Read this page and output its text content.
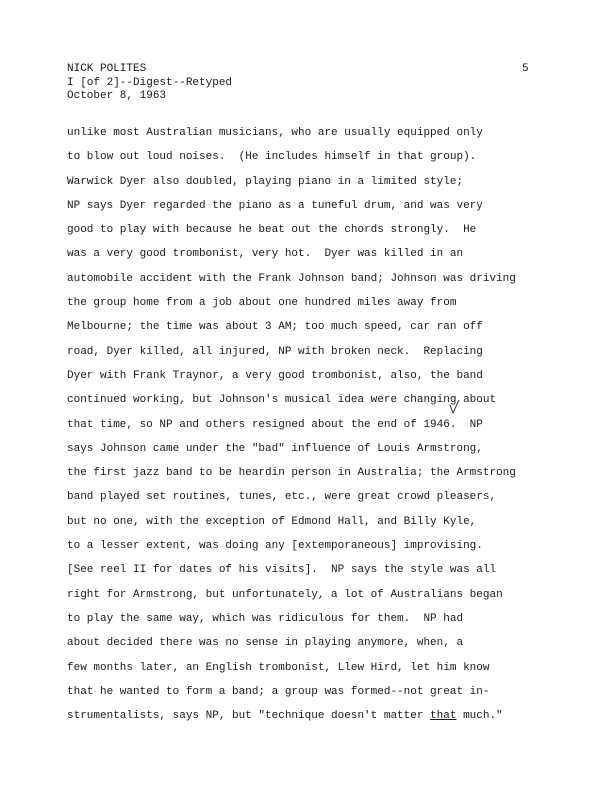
NICK POLITES
I [of 2]--Digest--Retyped
October 8, 1963
5
unlike most Australian musicians, who are usually equipped only
to blow out loud noises.  (He includes himself in that group).
Warwick Dyer also doubled, playing piano in a limited style;
NP says Dyer regarded the piano as a tuneful drum, and was very
good to play with because he beat out the chords strongly.  He
was a very good trombonist, very hot.  Dyer was killed in an
automobile accident with the Frank Johnson band; Johnson was driving
the group home from a job about one hundred miles away from
Melbourne; the time was about 3 AM; too much speed, car ran off
road, Dyer killed, all injured, NP with broken neck.  Replacing
Dyer with Frank Traynor, a very good trombonist, also, the band
continued working, but Johnson's musical idea were changing about
that time, so NP and others resigned about the end of 1946.  NP
says Johnson came under the "bad" influence of Louis Armstrong,
the first jazz band to be heardin person in Australia; the Armstrong
band played set routines, tunes, etc., were great crowd pleasers,
but no one, with the exception of Edmond Hall, and Billy Kyle,
to a lesser extent, was doing any [extemporaneous] improvising.
[See reel II for dates of his visits].  NP says the style was all
right for Armstrong, but unfortunately, a lot of Australians began
to play the same way, which was ridiculous for them.  NP had
about decided there was no sense in playing anymore, when, a
few months later, an English trombonist, Llew Hird, let him know
that he wanted to form a band; a group was formed--not great in-
strumentalists, says NP, but "technique doesn't matter that much."
